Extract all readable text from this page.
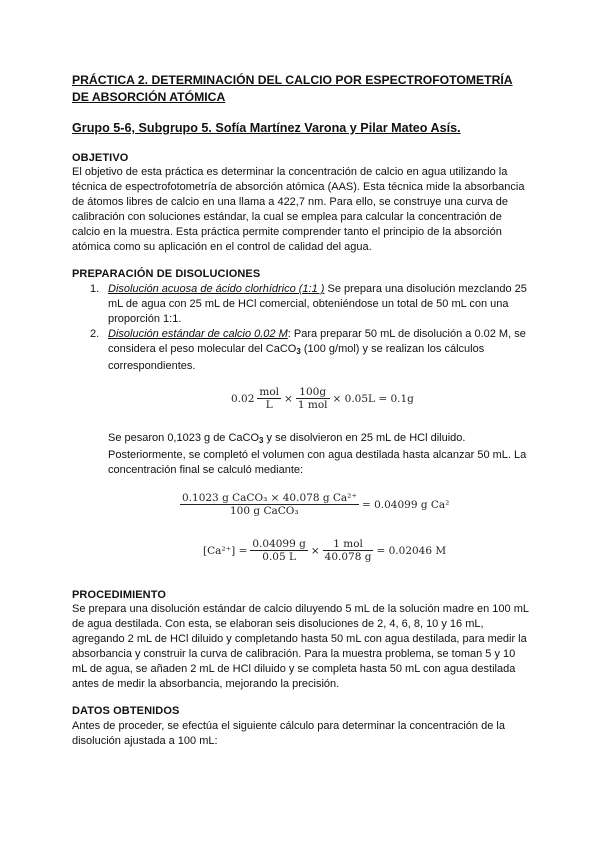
PRÁCTICA 2. DETERMINACIÓN DEL CALCIO POR ESPECTROFOTOMETRÍA DE ABSORCIÓN ATÓMICA
Grupo 5-6, Subgrupo 5. Sofía Martínez Varona y Pilar Mateo Asís.
OBJETIVO
El objetivo de esta práctica es determinar la concentración de calcio en agua utilizando la técnica de espectrofotometría de absorción atómica (AAS). Esta técnica mide la absorbancia de átomos libres de calcio en una llama a 422,7 nm. Para ello, se construye una curva de calibración con soluciones estándar, la cual se emplea para calcular la concentración de calcio en la muestra. Esta práctica permite comprender tanto el principio de la absorción atómica como su aplicación en el control de calidad del agua.
PREPARACIÓN DE DISOLUCIONES
1. Disolución acuosa de ácido clorhídrico (1:1 ) Se prepara una disolución mezclando 25 mL de agua con 25 mL de HCl comercial, obteniéndose un total de 50 mL con una proporción 1:1.
2. Disolución estándar de calcio 0.02 M: Para preparar 50 mL de disolución a 0.02 M, se considera el peso molecular del CaCO$_3$ (100 g/mol) y se realizan los cálculos correspondientes.
$0.02 \frac{\text{mol}}{L} \times \frac{100g}{\text{1 mol}} \times 0.05L = 0.1g$
Se pesaron 0,1023 g de CaCO$_3$ y se disolvieron en 25 mL de HCl diluido. Posteriormente, se completó el volumen con agua destilada hasta alcanzar 50 mL. La concentración final se calculó mediante:
$\frac{\text{0.1023 g CaCO₃ × 40.078 g Ca²⁺}}{\text{100 g CaCO₃}} = 0.04099$ g Ca²
$[Ca^{2+}] = \frac{0.04099 g}{0.05 L} \times \frac{\text{1 mol}}{40.078 g} = 0.02046$ M
PROCEDIMIENTO
Se prepara una disolución estándar de calcio diluyendo 5 mL de la solución madre en 100 mL de agua destilada. Con esta, se elaboran seis disoluciones de 2, 4, 6, 8, 10 y 16 mL, agregando 2 mL de HCl diluido y completando hasta 50 mL con agua destilada, para medir la absorbancia y construir la curva de calibración. Para la muestra problema, se toman 5 y 10 mL de agua, se añaden 2 mL de HCl diluido y se completa hasta 50 mL con agua destilada antes de medir la absorbancia, mejorando la precisión.
DATOS OBTENIDOS
Antes de proceder, se efectúa el siguiente cálculo para determinar la concentración de la disolución ajustada a 100 mL:
